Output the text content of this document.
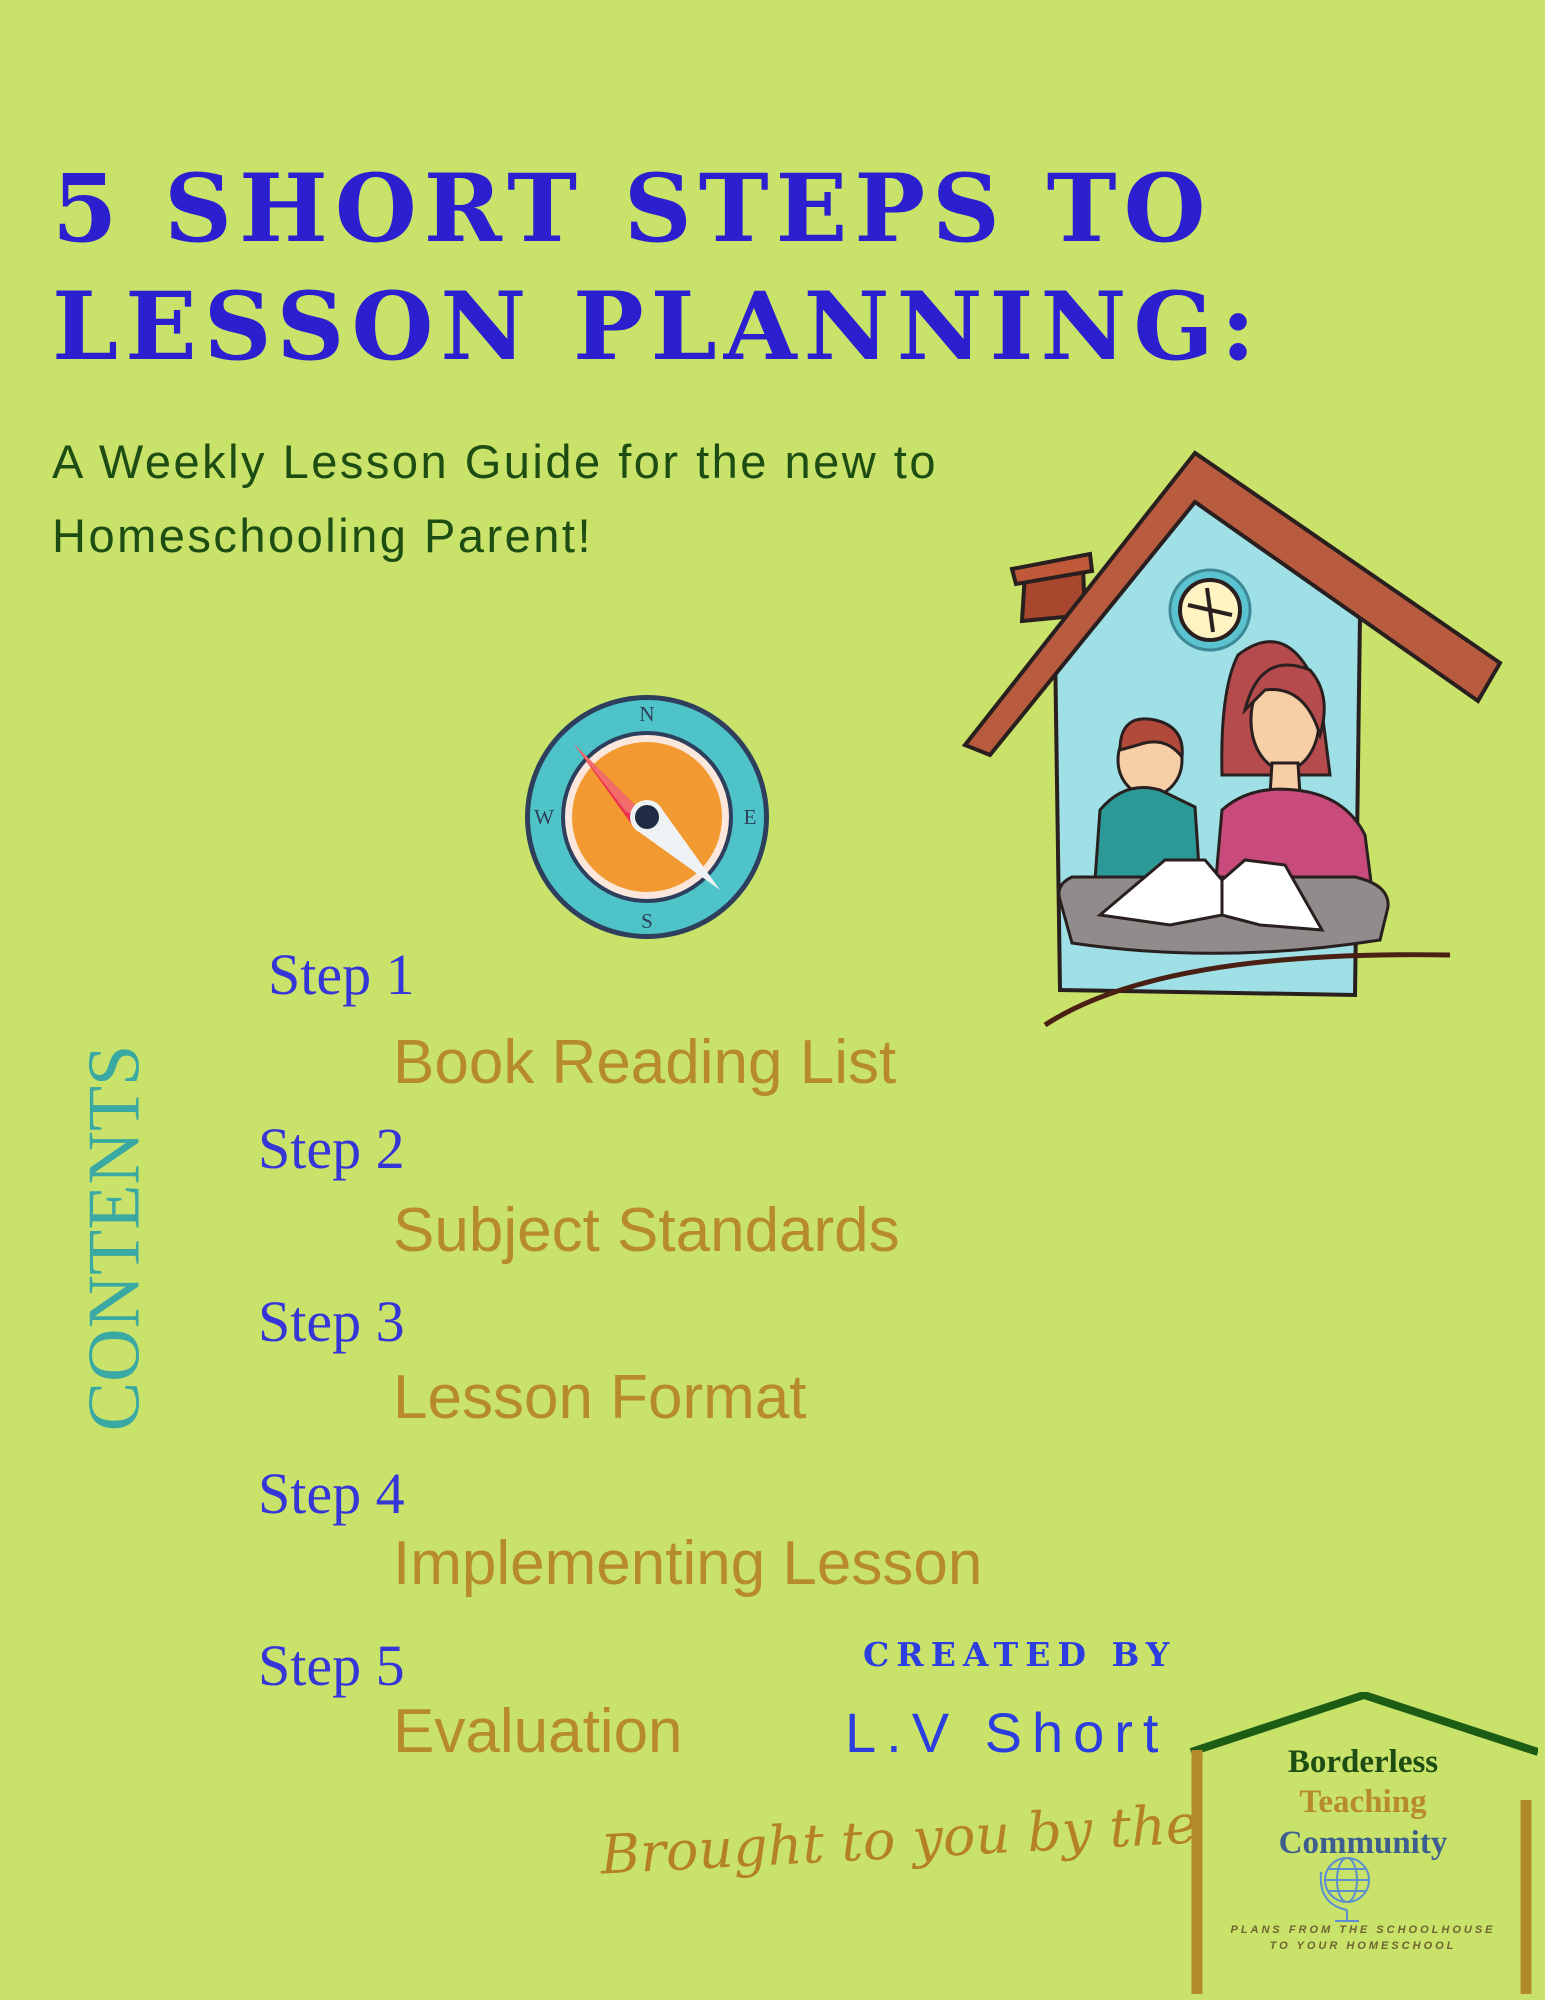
5 SHORT STEPS TO
LESSON PLANNING:
A Weekly Lesson Guide for the new to
Homeschooling Parent!
N
S
E
W
CONTENTS
Step 1
Book Reading List
Step 2
Subject Standards
Step 3
Lesson Format
Step 4
Implementing Lesson
Step 5
Evaluation
CREATED BY
L.V Short
Brought to you by the
Borderless
Teaching
Community
PLANS FROM THE SCHOOLHOUSE
TO YOUR HOMESCHOOL
